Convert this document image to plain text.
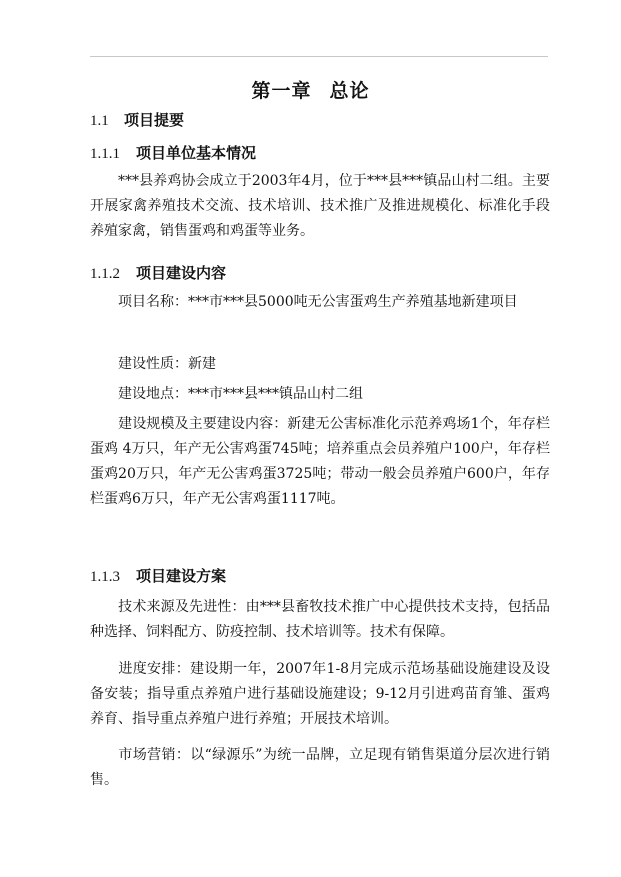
第一章 总论
1.1 项目提要
1.1.1 项目单位基本情况

***县养鸡协会成立于2003年4月，位于***县***镇品山村二组。主要开展家禽养殖技术交流、技术培训、技术推广及推进规模化、标准化手段养殖家禽，销售蛋鸡和鸡蛋等业务。

1.1.2 项目建设内容

项目名称：***市***县5000吨无公害蛋鸡生产养殖基地新建项目

建设性质：新建

建设地点：***市***县***镇品山村二组

建设规模及主要建设内容：新建无公害标准化示范养鸡场1个，年存栏蛋鸡 4万只，年产无公害鸡蛋745吨；培养重点会员养殖户100户，年存栏蛋鸡20万只，年产无公害鸡蛋3725吨；带动一般会员养殖户600户，年存栏蛋鸡6万只，年产无公害鸡蛋1117吨。

1.1.3 项目建设方案

技术来源及先进性：由***县畜牧技术推广中心提供技术支持，包括品种选择、饲料配方、防疫控制、技术培训等。技术有保障。

进度安排：建设期一年，2007年1-8月完成示范场基础设施建设及设备安装；指导重点养殖户进行基础设施建设；9-12月引进鸡苗育雏、蛋鸡养育、指导重点养殖户进行养殖；开展技术培训。

市场营销：以“绿源乐”为统一品牌，立足现有销售渠道分层次进行销售。
